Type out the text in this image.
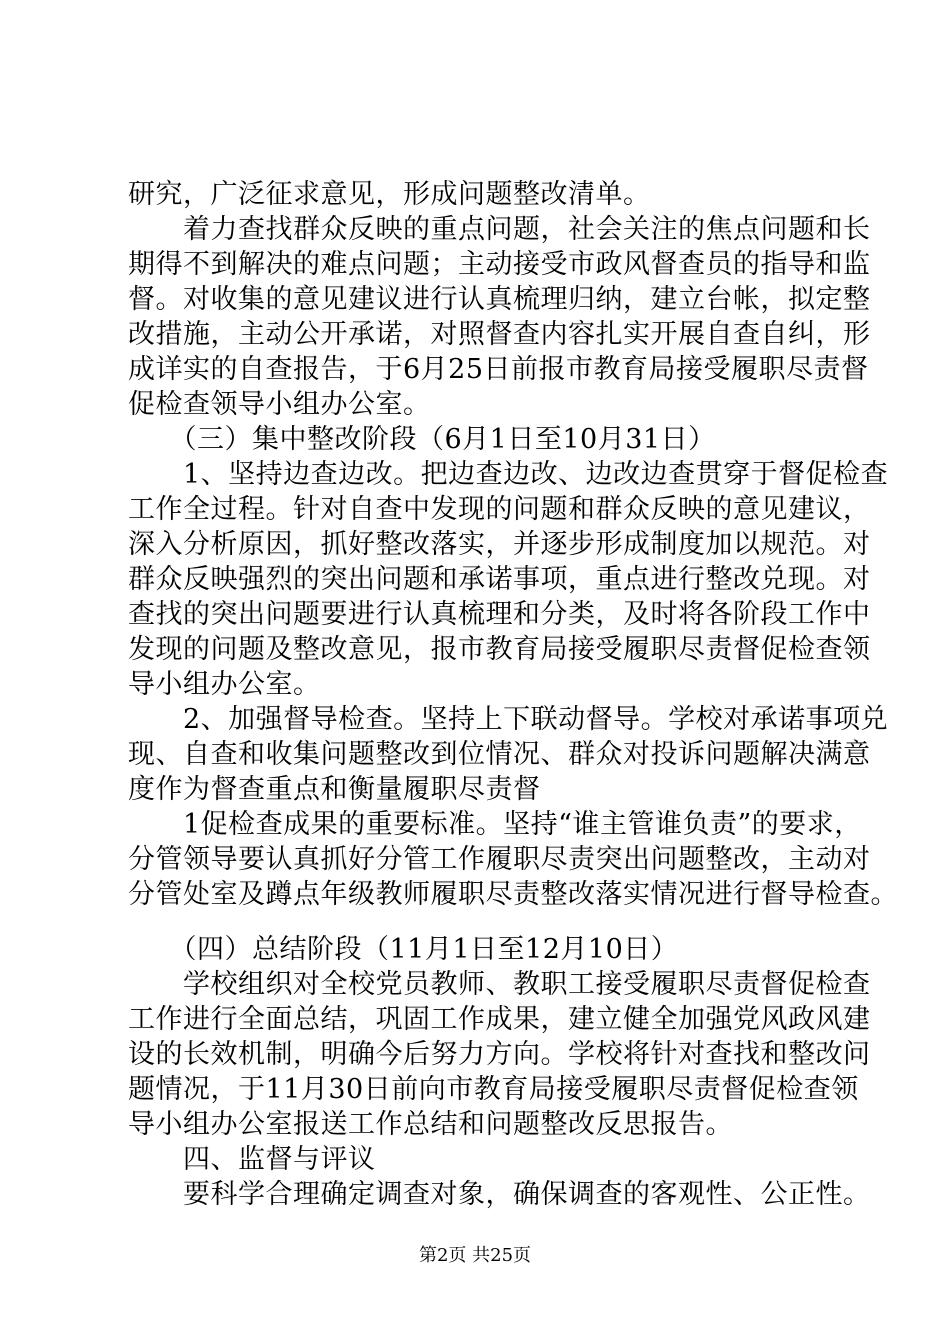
研究，广泛征求意见，形成问题整改清单。
　　着力查找群众反映的重点问题，社会关注的焦点问题和长
期得不到解决的难点问题；主动接受市政风督查员的指导和监
督。对收集的意见建议进行认真梳理归纳，建立台帐，拟定整
改措施，主动公开承诺，对照督查内容扎实开展自查自纠，形
成详实的自查报告，于6月25日前报市教育局接受履职尽责督
促检查领导小组办公室。
　　（三）集中整改阶段（6月1日至10月31日）
　　1、坚持边查边改。把边查边改、边改边查贯穿于督促检查
工作全过程。针对自查中发现的问题和群众反映的意见建议，
深入分析原因，抓好整改落实，并逐步形成制度加以规范。对
群众反映强烈的突出问题和承诺事项，重点进行整改兑现。对
查找的突出问题要进行认真梳理和分类，及时将各阶段工作中
发现的问题及整改意见，报市教育局接受履职尽责督促检查领
导小组办公室。
　　2、加强督导检查。坚持上下联动督导。学校对承诺事项兑
现、自查和收集问题整改到位情况、群众对投诉问题解决满意
度作为督查重点和衡量履职尽责督
　　1促检查成果的重要标准。坚持“谁主管谁负责”的要求，
分管领导要认真抓好分管工作履职尽责突出问题整改，主动对
分管处室及蹲点年级教师履职尽责整改落实情况进行督导检查。
　　（四）总结阶段（11月1日至12月10日）
　　学校组织对全校党员教师、教职工接受履职尽责督促检查
工作进行全面总结，巩固工作成果，建立健全加强党风政风建
设的长效机制，明确今后努力方向。学校将针对查找和整改问
题情况，于11月30日前向市教育局接受履职尽责督促检查领
导小组办公室报送工作总结和问题整改反思报告。
　　四、监督与评议
　　要科学合理确定调查对象，确保调查的客观性、公正性。
第2页 共25页
